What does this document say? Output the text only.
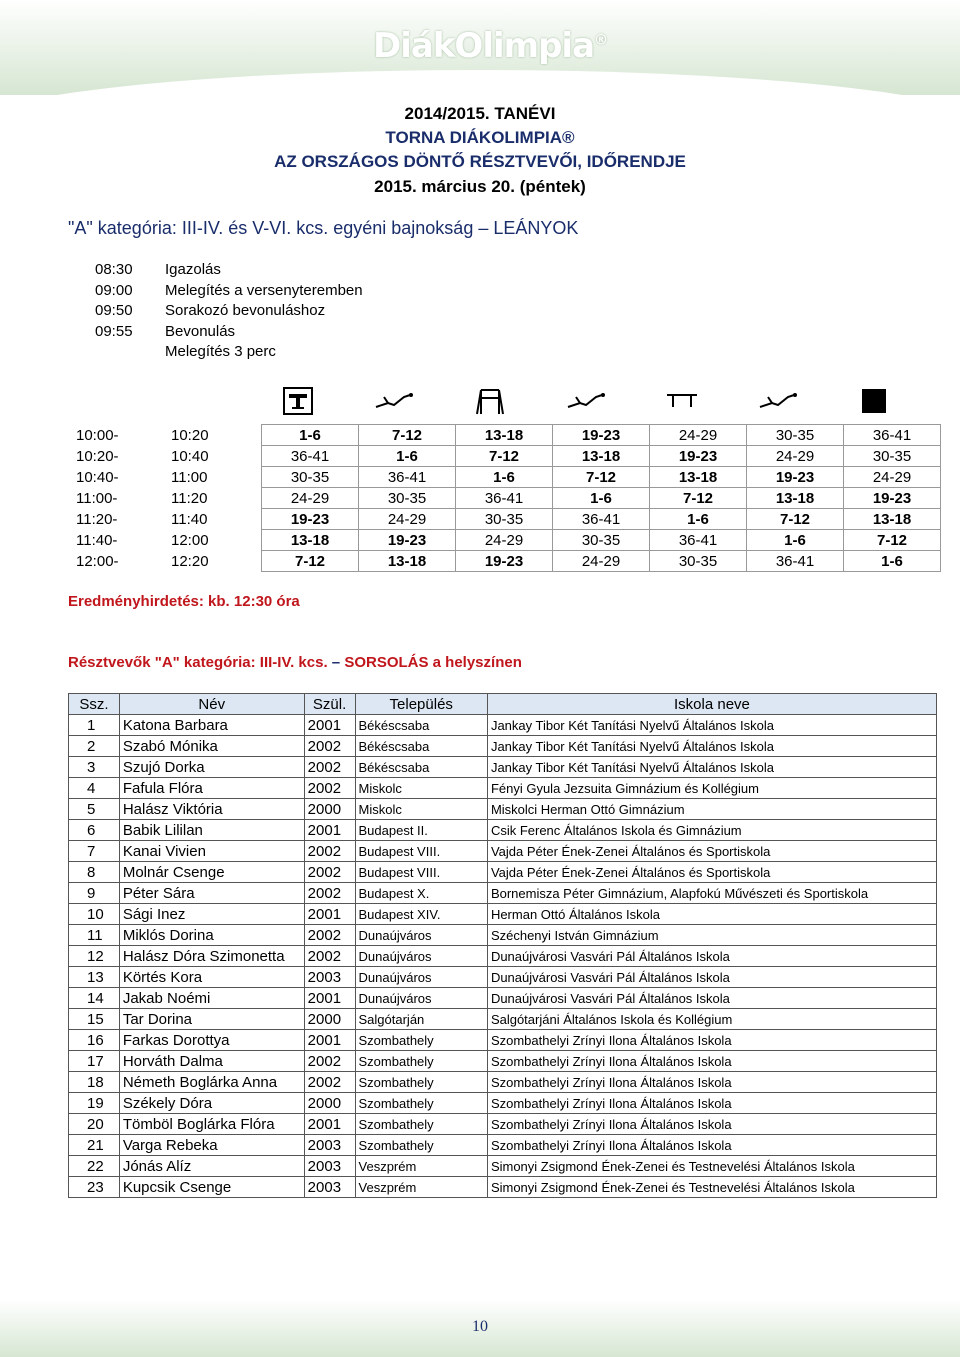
DiákOlimpia®
2014/2015. TANÉVI
TORNA DIÁKOLIMPIA®
AZ ORSZÁGOS DÖNTŐ RÉSZTVEVŐI, IDŐRENDJE
2015. március 20. (péntek)
"A" kategória: III-IV. és V-VI. kcs. egyéni bajnokság – LEÁNYOK
08:30 Igazolás
09:00 Melegítés a versenyteremben
09:50 Sorakozó bevonuláshoz
09:55 Bevonulás
Melegítés 3 perc
10:00-	10:20	1-6	7-12	13-18	19-23	24-29	30-35	36-41
10:20-	10:40	36-41	1-6	7-12	13-18	19-23	24-29	30-35
10:40-	11:00	30-35	36-41	1-6	7-12	13-18	19-23	24-29
11:00-	11:20	24-29	30-35	36-41	1-6	7-12	13-18	19-23
11:20-	11:40	19-23	24-29	30-35	36-41	1-6	7-12	13-18
11:40-	12:00	13-18	19-23	24-29	30-35	36-41	1-6	7-12
12:00-	12:20	7-12	13-18	19-23	24-29	30-35	36-41	1-6
Eredményhirdetés: kb. 12:30 óra
Résztvevők "A" kategória: III-IV. kcs. – SORSOLÁS a helyszínen
Ssz.	Név	Szül.	Település	Iskola neve
1	Katona Barbara	2001	Békéscsaba	Jankay Tibor Két Tanítási Nyelvű Általános Iskola
2	Szabó Mónika	2002	Békéscsaba	Jankay Tibor Két Tanítási Nyelvű Általános Iskola
3	Szujó Dorka	2002	Békéscsaba	Jankay Tibor Két Tanítási Nyelvű Általános Iskola
4	Fafula Flóra	2002	Miskolc	Fényi Gyula Jezsuita Gimnázium és Kollégium
5	Halász Viktória	2000	Miskolc	Miskolci Herman Ottó Gimnázium
6	Babik Lililan	2001	Budapest II.	Csik Ferenc Általános Iskola és Gimnázium
7	Kanai Vivien	2002	Budapest VIII.	Vajda Péter Ének-Zenei Általános és Sportiskola
8	Molnár Csenge	2002	Budapest VIII.	Vajda Péter Ének-Zenei Általános és Sportiskola
9	Péter Sára	2002	Budapest X.	Bornemisza Péter Gimnázium, Alapfokú Művészeti és Sportiskola
10	Sági Inez	2001	Budapest XIV.	Herman Ottó Általános Iskola
11	Miklós Dorina	2002	Dunaújváros	Széchenyi István Gimnázium
12	Halász Dóra Szimonetta	2002	Dunaújváros	Dunaújvárosi Vasvári Pál Általános Iskola
13	Körtés Kora	2003	Dunaújváros	Dunaújvárosi Vasvári Pál Általános Iskola
14	Jakab Noémi	2001	Dunaújváros	Dunaújvárosi Vasvári Pál Általános Iskola
15	Tar Dorina	2000	Salgótarján	Salgótarjáni Általános Iskola és Kollégium
16	Farkas Dorottya	2001	Szombathely	Szombathelyi Zrínyi Ilona Általános Iskola
17	Horváth Dalma	2002	Szombathely	Szombathelyi Zrínyi Ilona Általános Iskola
18	Németh Boglárka Anna	2002	Szombathely	Szombathelyi Zrínyi Ilona Általános Iskola
19	Székely Dóra	2000	Szombathely	Szombathelyi Zrínyi Ilona Általános Iskola
20	Tömböl Boglárka Flóra	2001	Szombathely	Szombathelyi Zrínyi Ilona Általános Iskola
21	Varga Rebeka	2003	Szombathely	Szombathelyi Zrínyi Ilona Általános Iskola
22	Jónás Alíz	2003	Veszprém	Simonyi Zsigmond Ének-Zenei és Testnevelési Általános Iskola
23	Kupcsik Csenge	2003	Veszprém	Simonyi Zsigmond Ének-Zenei és Testnevelési Általános Iskola
10
